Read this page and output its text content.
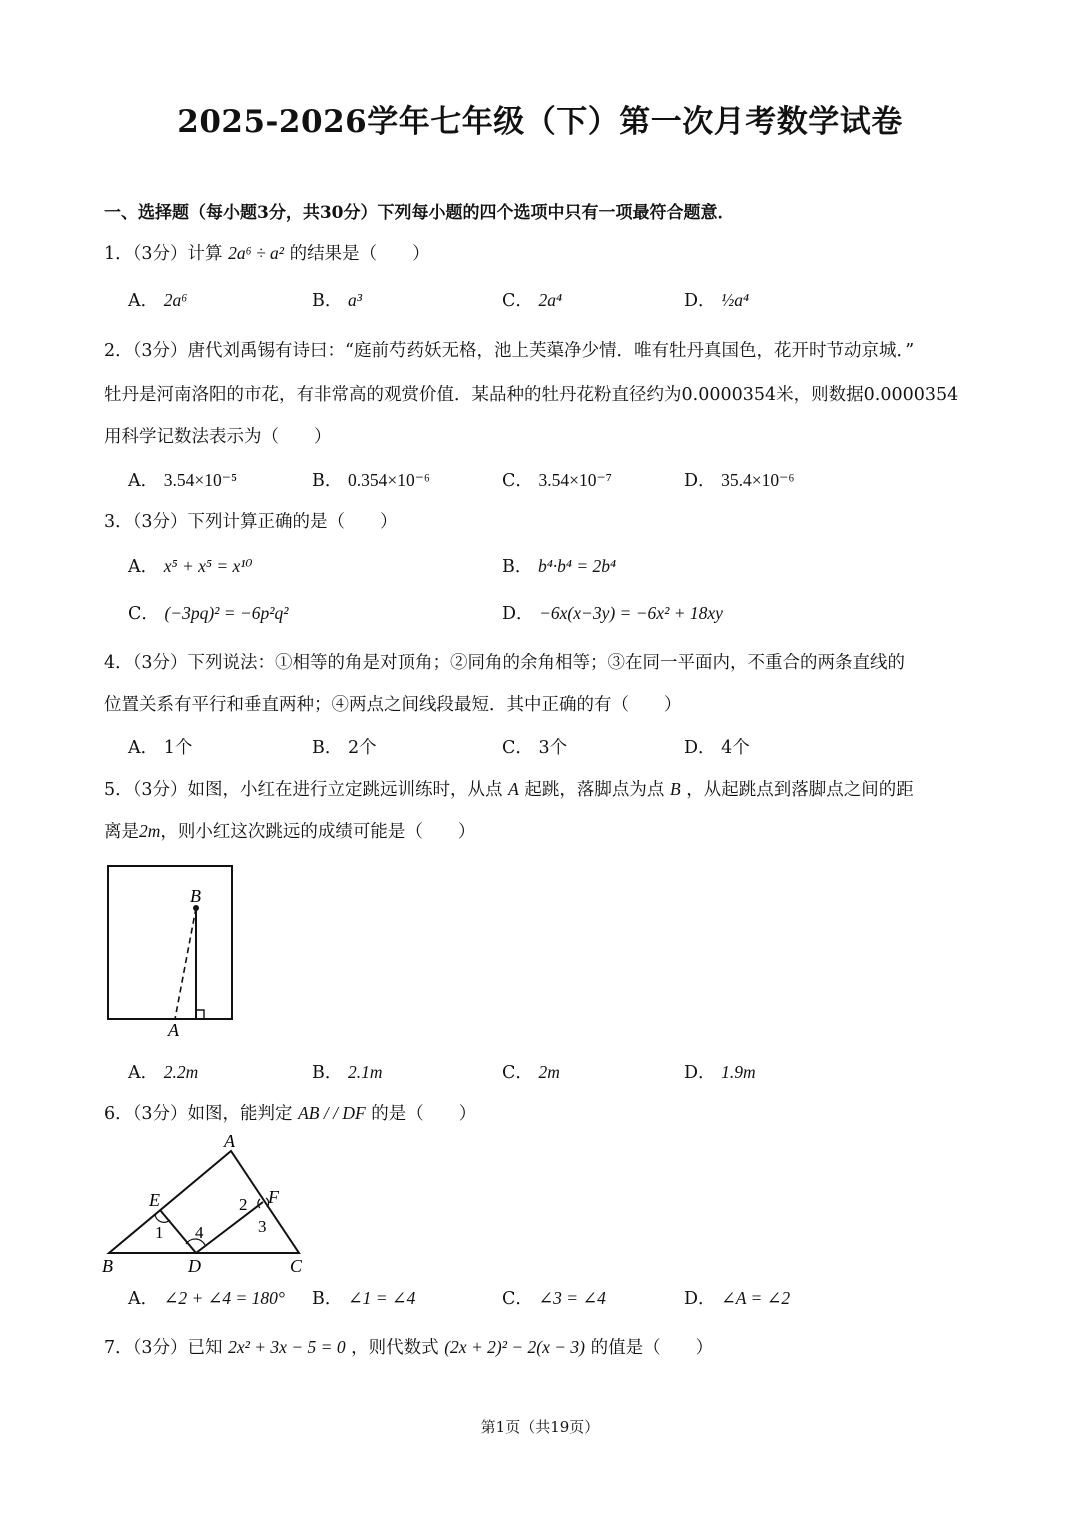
2025-2026学年七年级（下）第一次月考数学试卷
一、选择题（每小题3分，共30分）下列每小题的四个选项中只有一项最符合题意．
1．（3分）计算 2a⁶ ÷ a² 的结果是（　　）
A． 2a⁶	B． a³	C． 2a⁴	D． ½a⁴
2．（3分）唐代刘禹锡有诗曰：“庭前芍药妖无格，池上芙蕖净少情．唯有牡丹真国色，花开时节动京城．”
牡丹是河南洛阳的市花，有非常高的观赏价值．某品种的牡丹花粉直径约为0.0000354米，则数据0.0000354
用科学记数法表示为（　　）
A． 3.54×10⁻⁵	B． 0.354×10⁻⁶	C． 3.54×10⁻⁷	D． 35.4×10⁻⁶
3．（3分）下列计算正确的是（　　）
A． x⁵ + x⁵ = x¹⁰	B． b⁴·b⁴ = 2b⁴
C． (−3pq)² = −6p²q²	D． −6x(x−3y) = −6x² + 18xy
4．（3分）下列说法：①相等的角是对顶角；②同角的余角相等；③在同一平面内，不重合的两条直线的
位置关系有平行和垂直两种；④两点之间线段最短．其中正确的有（　　）
A． 1个	B． 2个	C． 3个	D． 4个
5．（3分）如图，小红在进行立定跳远训练时，从点 A 起跳，落脚点为点 B ，从起跳点到落脚点之间的距
离是2m，则小红这次跳远的成绩可能是（　　）
B
A
A． 2.2m	B． 2.1m	C． 2m	D． 1.9m
6．（3分）如图，能判定 AB / / DF 的是（　　）
A
B	D	C
E	F
1
2
3
4
A． ∠2 + ∠4 = 180° B． ∠1 = ∠4	C． ∠3 = ∠4	D． ∠A = ∠2
7．（3分）已知 2x² + 3x − 5 = 0 ，则代数式 (2x + 2)² − 2(x − 3) 的值是（　　）
第1页（共19页）
